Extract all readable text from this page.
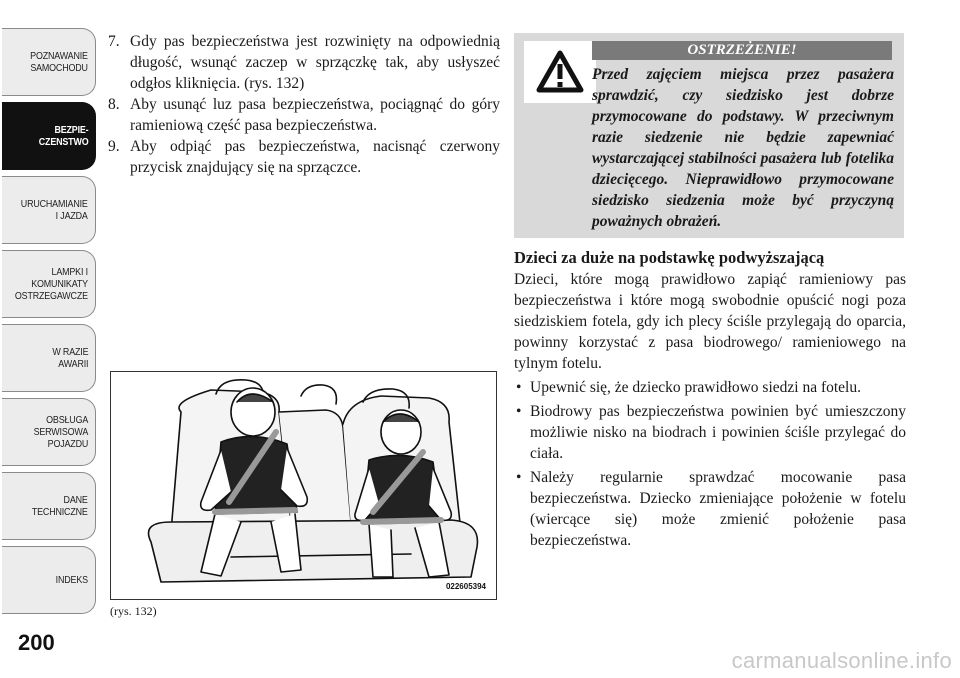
POZNAWANIE
SAMOCHODU
BEZPIE-
CZENSTWO
URUCHAMIANIE
I JAZDA
LAMPKI I
KOMUNIKATY
OSTRZEGAWCZE
W RAZIE
AWARII
OBSŁUGA
SERWISOWA
POJAZDU
DANE
TECHNICZNE
INDEKS
200
7. Gdy pas bezpieczeństwa jest rozwinięty na odpowiednią długość, wsunąć zaczep w sprzączkę tak, aby usłyszeć odgłos kliknięcia. (rys. 132)
8. Aby usunąć luz pasa bezpieczeństwa, pociągnąć do góry ramieniową część pasa bezpieczeństwa.
9. Aby odpiąć pas bezpieczeństwa, nacisnąć czerwony przycisk znajdujący się na sprzączce.
022605394
(rys. 132)
OSTRZEŻENIE!
Przed zajęciem miejsca przez pasażera sprawdzić, czy siedzisko jest dobrze przymocowane do podstawy. W przeciwnym razie siedzenie nie będzie zapewniać wystarczającej stabilności pasażera lub fotelika dziecięcego. Nieprawidłowo przymocowane siedzisko siedzenia może być przyczyną poważnych obrażeń.
Dzieci za duże na podstawkę podwyższającą

Dzieci, które mogą prawidłowo zapiąć ramieniowy pas bezpieczeństwa i które mogą swobodnie opuścić nogi poza siedziskiem fotela, gdy ich plecy ściśle przylegają do oparcia, powinny korzystać z pasa biodrowego/ ramieniowego na tylnym fotelu.

• Upewnić się, że dziecko prawidłowo siedzi na fotelu.
• Biodrowy pas bezpieczeństwa powinien być umieszczony możliwie nisko na biodrach i powinien ściśle przylegać do ciała.
• Należy regularnie sprawdzać mocowanie pasa bezpieczeństwa. Dziecko zmieniające położenie w fotelu (wiercące się) może zmienić położenie pasa bezpieczeństwa.
carmanualsonline.info
